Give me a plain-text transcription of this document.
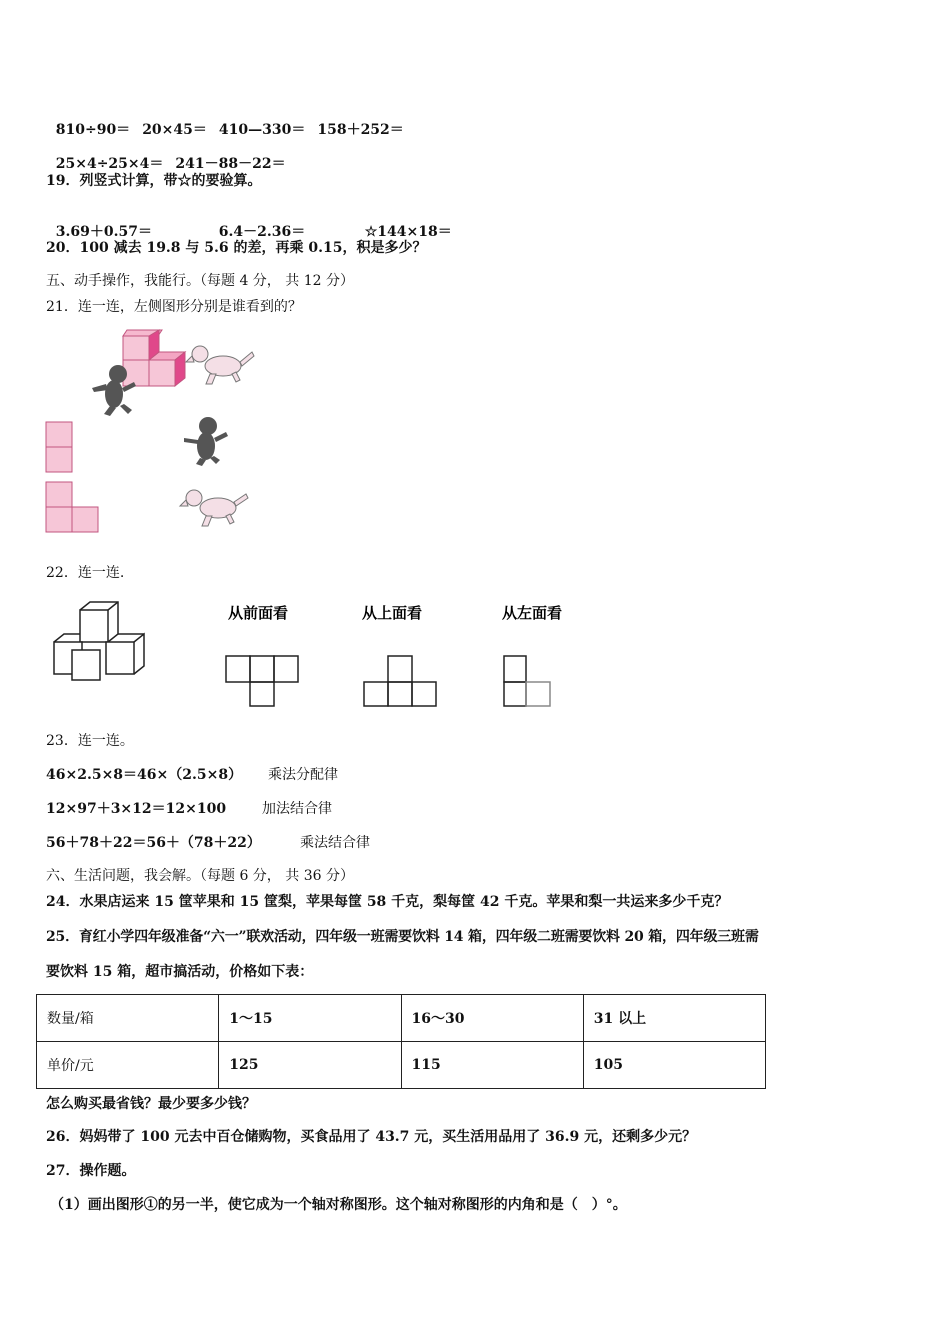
810÷90＝ 20×45＝ 410—330＝ 158＋252＝

25×4÷25×4＝ 241－88－22＝

19．列竖式计算，带☆的要验算。

3.69＋0.57＝	6.4－2.36＝	☆144×18＝

20．100 减去 19.8 与 5.6 的差，再乘 0.15，积是多少？
五、动手操作，我能行。（每题 4 分， 共 12 分）
21．连一连，左侧图形分别是谁看到的？
22．连一连.
从前面看	从上面看	从左面看
23．连一连。
46×2.5×8＝46×（2.5×8） 乘法分配律
12×97＋3×12＝12×100	加法结合律
56＋78＋22＝56＋（78＋22）	乘法结合律
六、生活问题，我会解。（每题 6 分， 共 36 分）
24．水果店运来 15 筐苹果和 15 筐梨，苹果每筐 58 千克，梨每筐 42 千克。苹果和梨一共运来多少千克？
25．育红小学四年级准备“六一”联欢活动，四年级一班需要饮料 14 箱，四年级二班需要饮料 20 箱，四年级三班需
要饮料 15 箱，超市搞活动，价格如下表：
数量/箱	1～15	16～30	31 以上
单价/元	125	115	105
怎么购买最省钱？最少要多少钱？
26．妈妈带了 100 元去中百仓储购物，买食品用了 43.7 元，买生活用品用了 36.9 元，还剩多少元？
27．操作题。
（1）画出图形①的另一半，使它成为一个轴对称图形。这个轴对称图形的内角和是（　）°。
